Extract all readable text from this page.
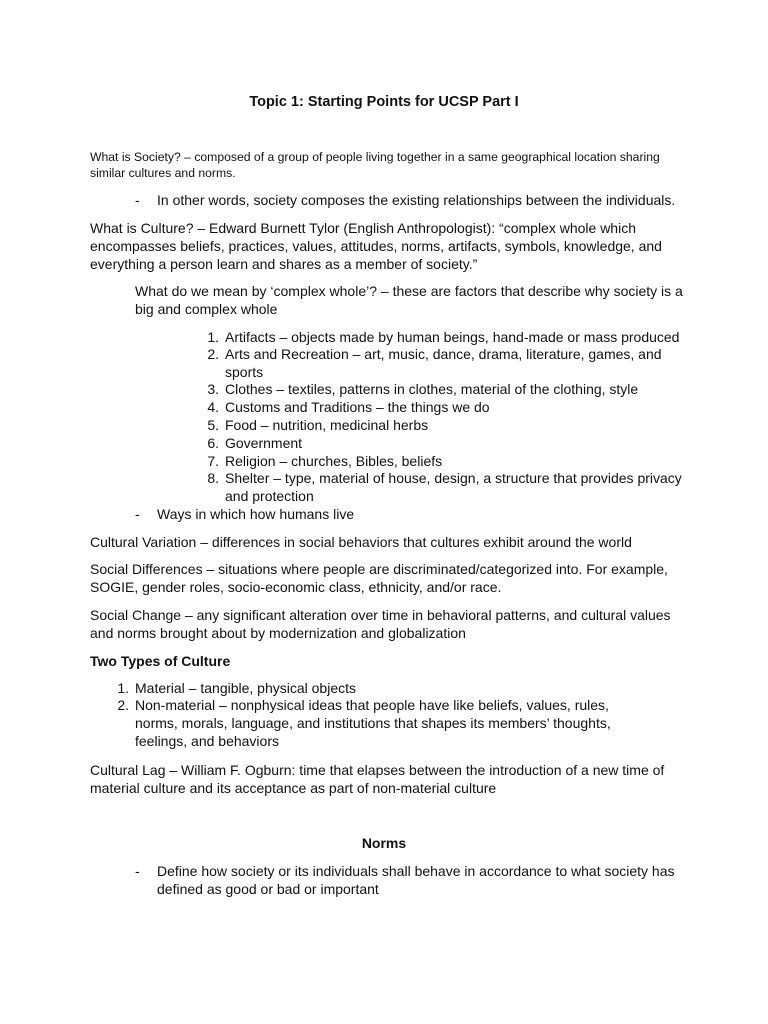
Topic 1: Starting Points for UCSP Part I
What is Society? – composed of a group of people living together in a same geographical location sharing similar cultures and norms.
- In other words, society composes the existing relationships between the individuals.
What is Culture? – Edward Burnett Tylor (English Anthropologist): “complex whole which encompasses beliefs, practices, values, attitudes, norms, artifacts, symbols, knowledge, and everything a person learn and shares as a member of society.”
What do we mean by ‘complex whole’? – these are factors that describe why society is a big and complex whole
1. Artifacts – objects made by human beings, hand-made or mass produced
2. Arts and Recreation – art, music, dance, drama, literature, games, and sports
3. Clothes – textiles, patterns in clothes, material of the clothing, style
4. Customs and Traditions – the things we do
5. Food – nutrition, medicinal herbs
6. Government
7. Religion – churches, Bibles, beliefs
8. Shelter – type, material of house, design, a structure that provides privacy and protection
- Ways in which how humans live
Cultural Variation – differences in social behaviors that cultures exhibit around the world
Social Differences – situations where people are discriminated/categorized into. For example, SOGIE, gender roles, socio-economic class, ethnicity, and/or race.
Social Change – any significant alteration over time in behavioral patterns, and cultural values and norms brought about by modernization and globalization
Two Types of Culture
1. Material – tangible, physical objects
2. Non-material – nonphysical ideas that people have like beliefs, values, rules, norms, morals, language, and institutions that shapes its members’ thoughts, feelings, and behaviors
Cultural Lag – William F. Ogburn: time that elapses between the introduction of a new time of material culture and its acceptance as part of non-material culture
Norms
- Define how society or its individuals shall behave in accordance to what society has defined as good or bad or important
